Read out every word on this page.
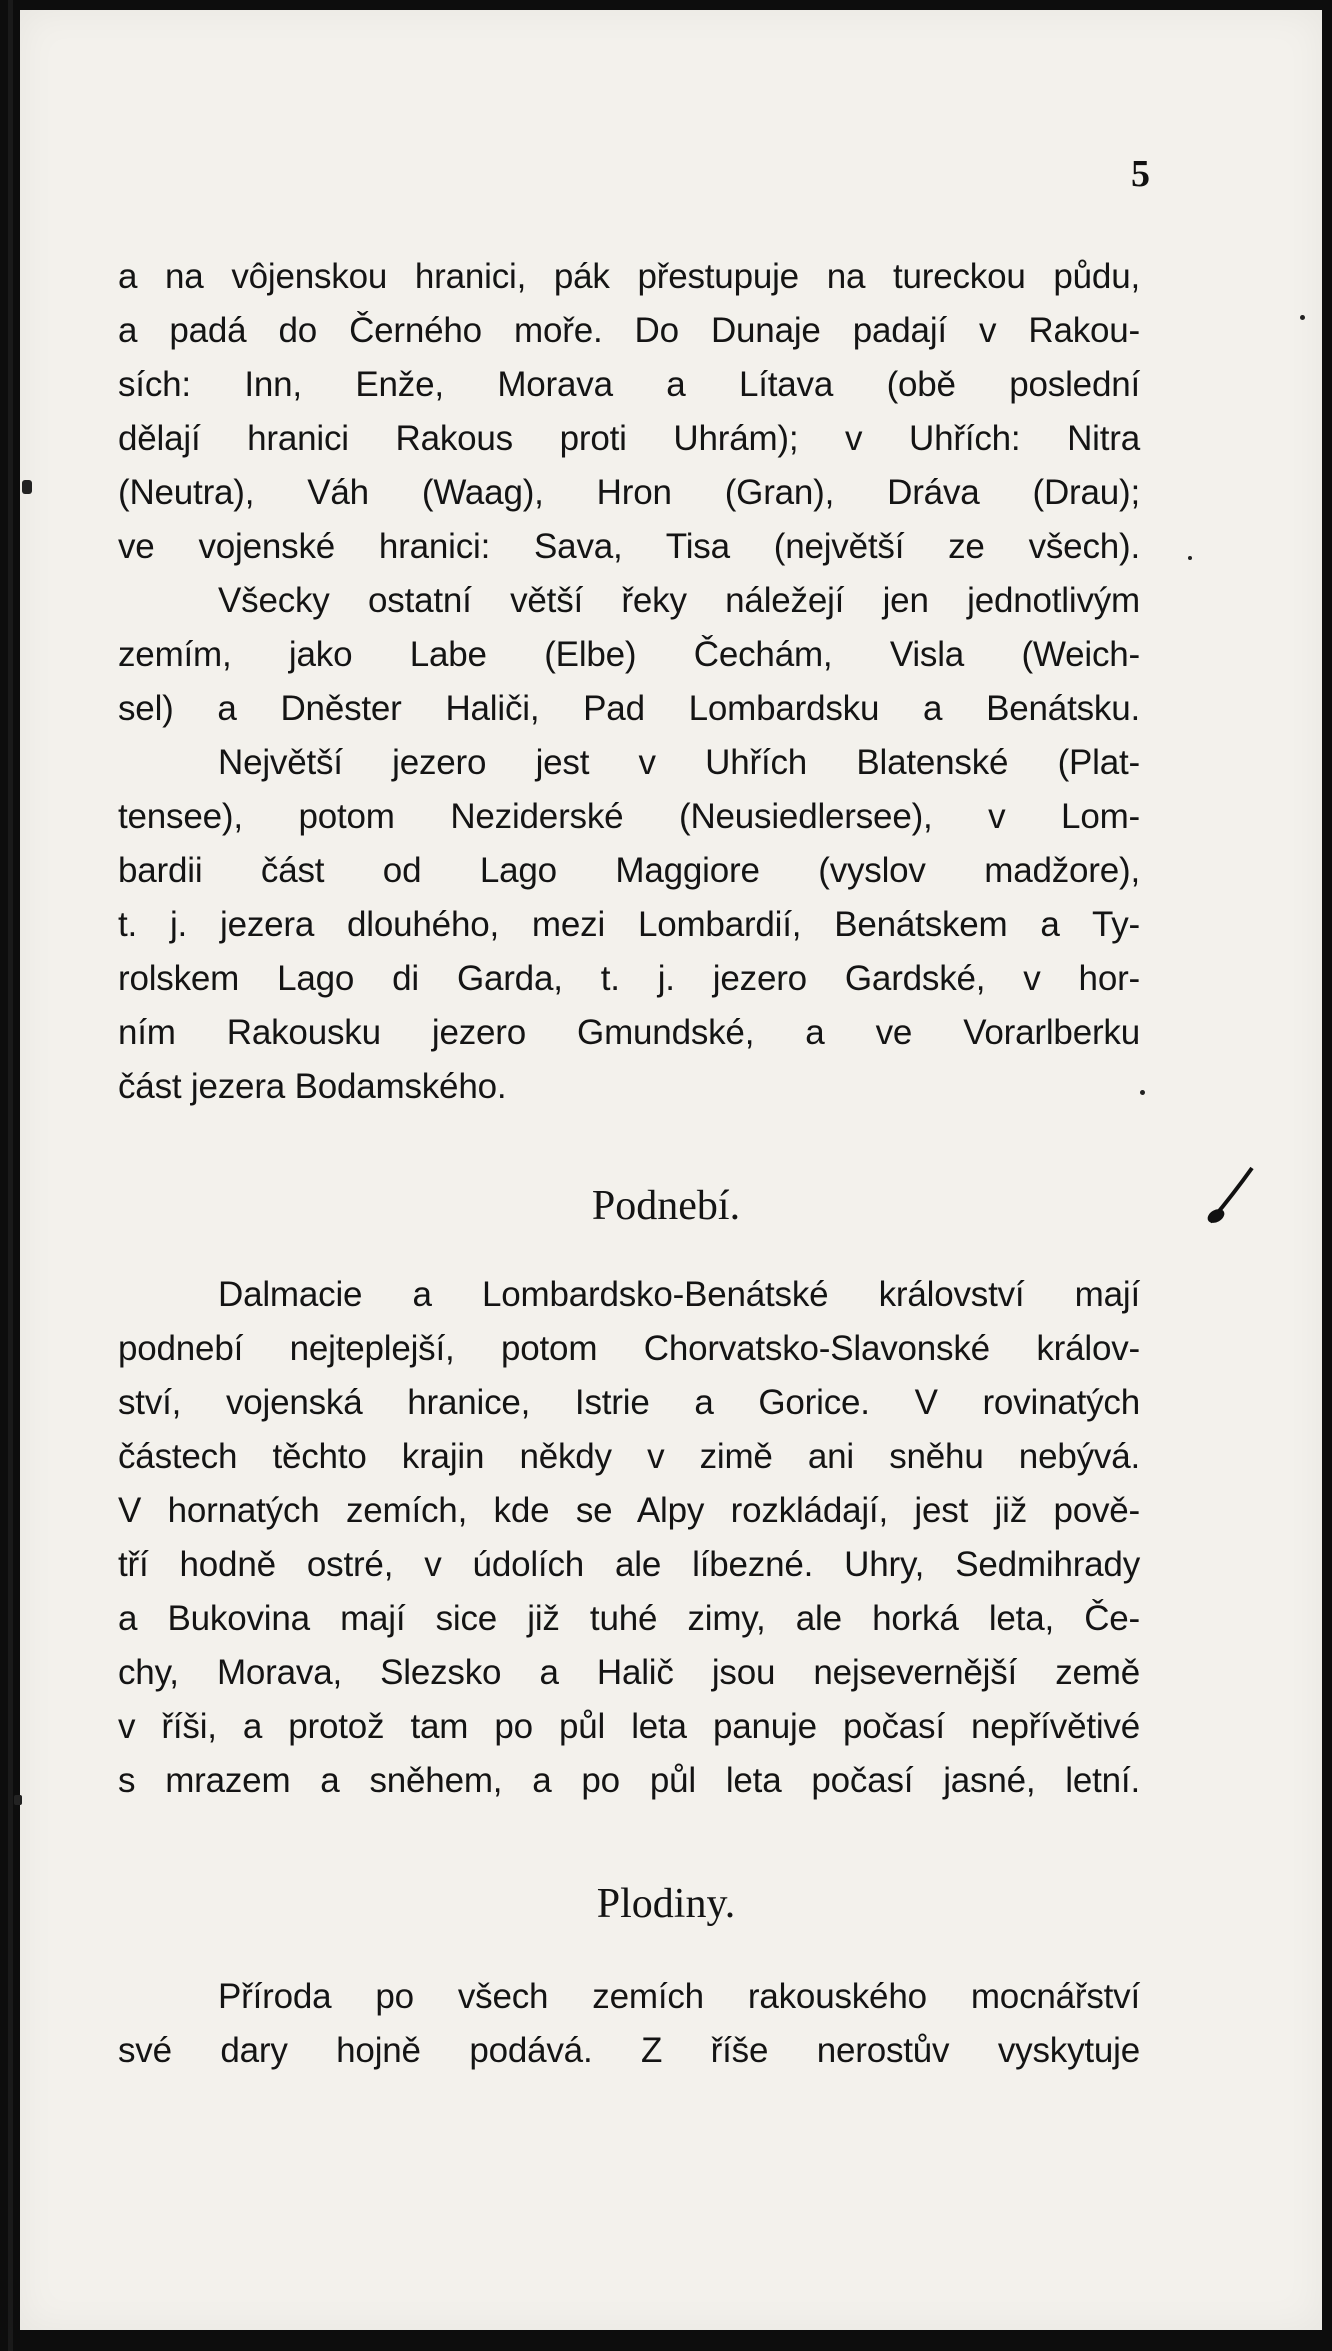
5
a na vôjenskou hranici, pák přestupuje na tureckou půdu,
a padá do Černého moře. Do Dunaje padají v Rakou-
sích: Inn, Enže, Morava a Lítava (obě poslední
dělají hranici Rakous proti Uhrám); v Uhřích: Nitra
(Neutra), Váh (Waag), Hron (Gran), Dráva (Drau);
ve vojenské hranici: Sava, Tisa (největší ze všech).
Všecky ostatní větší řeky náležejí jen jednotlivým
zemím, jako Labe (Elbe) Čechám, Visla (Weich-
sel) a Dněster Haliči, Pad Lombardsku a Benátsku.
Největší jezero jest v Uhřích Blatenské (Plat-
tensee), potom Neziderské (Neusiedlersee), v Lom-
bardii část od Lago Maggiore (vyslov madžore),
t. j. jezera dlouhého, mezi Lombardií, Benátskem a Ty-
rolskem Lago di Garda, t. j. jezero Gardské, v hor-
ním Rakousku jezero Gmundské, a ve Vorarlberku
část jezera Bodamského.
Podnebí.
Dalmacie a Lombardsko-Benátské království mají
podnebí nejteplejší, potom Chorvatsko-Slavonské králov-
ství, vojenská hranice, Istrie a Gorice. V rovinatých
částech těchto krajin někdy v zimě ani sněhu nebývá.
V hornatých zemích, kde se Alpy rozkládají, jest již pově-
tří hodně ostré, v údolích ale líbezné. Uhry, Sedmihrady
a Bukovina mají sice již tuhé zimy, ale horká leta, Če-
chy, Morava, Slezsko a Halič jsou nejsevernější země
v říši, a protož tam po půl leta panuje počasí nepřívětivé
s mrazem a sněhem, a po půl leta počasí jasné, letní.
Plodiny.
Příroda po všech zemích rakouského mocnářství
své dary hojně podává. Z říše nerostův vyskytuje
